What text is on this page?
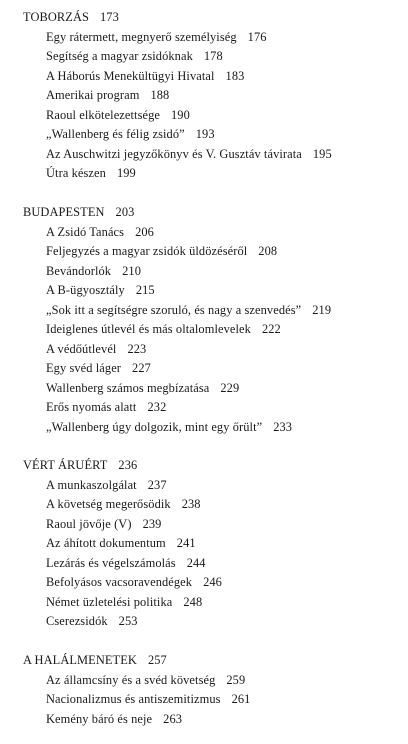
TOBORZÁS 173
Egy rátermett, megnyerő személyiség 176
Segítség a magyar zsidóknak 178
A Háborús Menekültügyi Hivatal 183
Amerikai program 188
Raoul elkötelezettsége 190
„Wallenberg és félig zsidó” 193
Az Auschwitzi jegyzőkönyv és V. Gusztáv távirata 195
Útra készen 199
BUDAPESTEN 203
A Zsidó Tanács 206
Feljegyzés a magyar zsidók üldözéséről 208
Bevándorlók 210
A B-ügyosztály 215
„Sok itt a segítségre szoruló, és nagy a szenvedés” 219
Ideiglenes útlevél és más oltalomlevelek 222
A védőútlevél 223
Egy svéd láger 227
Wallenberg számos megbízatása 229
Erős nyomás alatt 232
„Wallenberg úgy dolgozik, mint egy őrült” 233
VÉRT ÁRUÉRT 236
A munkaszolgálat 237
A követség megerősödik 238
Raoul jövője (V) 239
Az áhított dokumentum 241
Lezárás és végelszámolás 244
Befolyásos vacsoravendégek 246
Német üzletelési politika 248
Cserezsidók 253
A HALÁLMENETEK 257
Az államcsíny és a svéd követség 259
Nacionalizmus és antiszemitizmus 261
Kemény báró és neje 263
